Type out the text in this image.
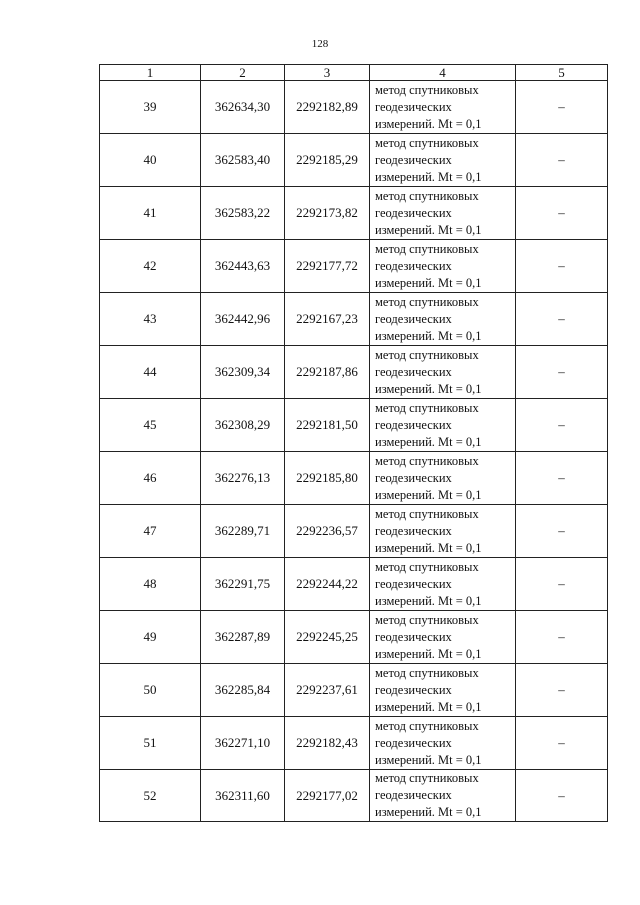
128
1	2	3	4	5
39	362634,30	2292182,89	метод спутниковых
геодезических
измерений. Mt = 0,1	–
40	362583,40	2292185,29	метод спутниковых
геодезических
измерений. Mt = 0,1	–
41	362583,22	2292173,82	метод спутниковых
геодезических
измерений. Mt = 0,1	–
42	362443,63	2292177,72	метод спутниковых
геодезических
измерений. Mt = 0,1	–
43	362442,96	2292167,23	метод спутниковых
геодезических
измерений. Mt = 0,1	–
44	362309,34	2292187,86	метод спутниковых
геодезических
измерений. Mt = 0,1	–
45	362308,29	2292181,50	метод спутниковых
геодезических
измерений. Mt = 0,1	–
46	362276,13	2292185,80	метод спутниковых
геодезических
измерений. Mt = 0,1	–
47	362289,71	2292236,57	метод спутниковых
геодезических
измерений. Mt = 0,1	–
48	362291,75	2292244,22	метод спутниковых
геодезических
измерений. Mt = 0,1	–
49	362287,89	2292245,25	метод спутниковых
геодезических
измерений. Mt = 0,1	–
50	362285,84	2292237,61	метод спутниковых
геодезических
измерений. Mt = 0,1	–
51	362271,10	2292182,43	метод спутниковых
геодезических
измерений. Mt = 0,1	–
52	362311,60	2292177,02	метод спутниковых
геодезических
измерений. Mt = 0,1	–
